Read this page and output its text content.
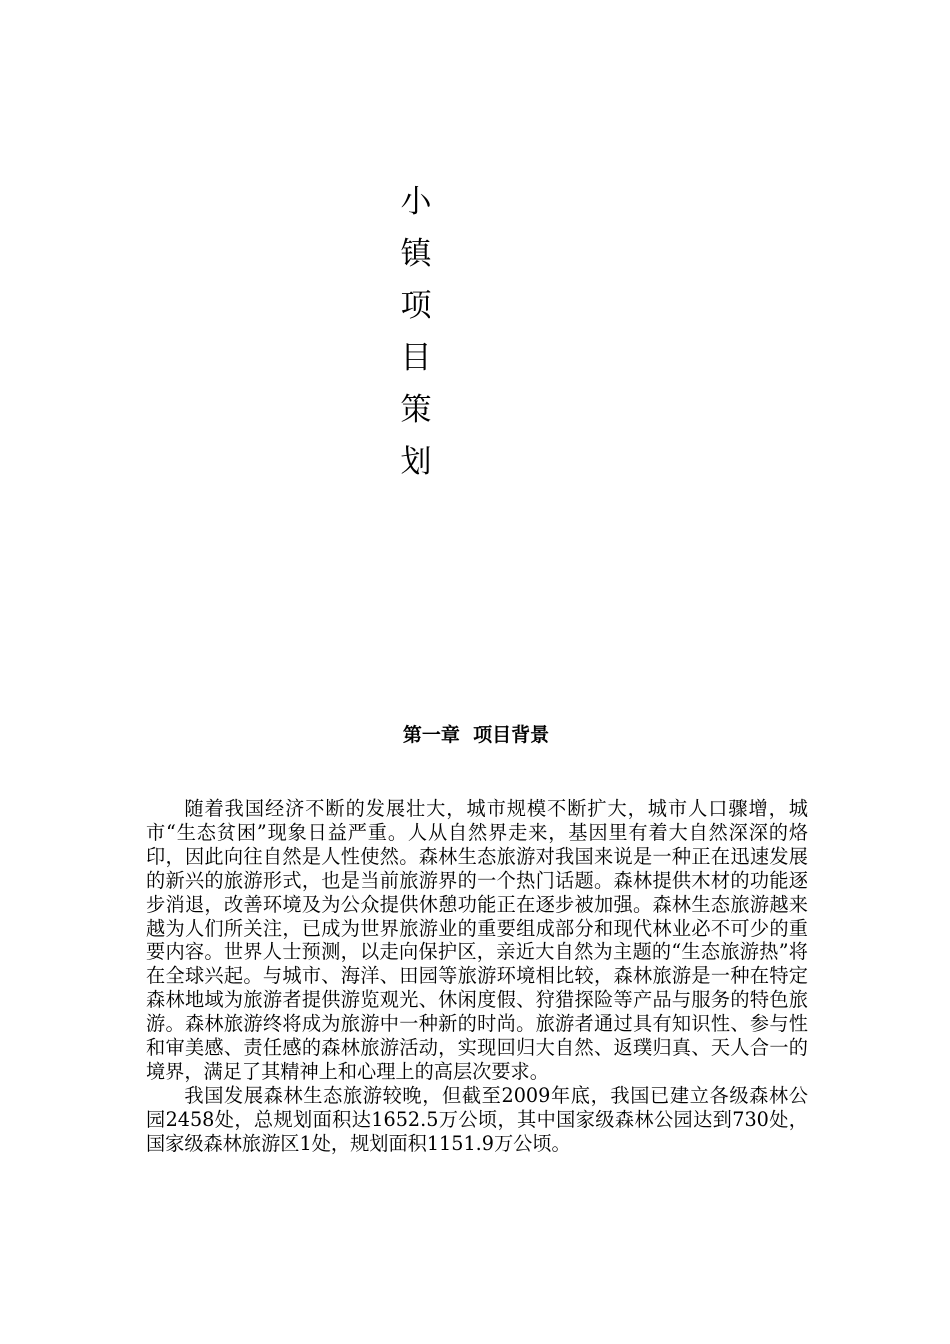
小
镇
项
目
策
划
第一章  项目背景

随着我国经济不断的发展壮大，城市规模不断扩大，城市人口骤增，城市“生态贫困”现象日益严重。人从自然界走来，基因里有着大自然深深的烙印，因此向往自然是人性使然。森林生态旅游对我国来说是一种正在迅速发展的新兴的旅游形式，也是当前旅游界的一个热门话题。森林提供木材的功能逐步消退，改善环境及为公众提供休憩功能正在逐步被加强。森林生态旅游越来越为人们所关注，已成为世界旅游业的重要组成部分和现代林业必不可少的重要内容。世界人士预测，以走向保护区，亲近大自然为主题的“生态旅游热”将在全球兴起。与城市、海洋、田园等旅游环境相比较，森林旅游是一种在特定森林地域为旅游者提供游览观光、休闲度假、狩猎探险等产品与服务的特色旅游。森林旅游终将成为旅游中一种新的时尚。旅游者通过具有知识性、参与性和审美感、责任感的森林旅游活动，实现回归大自然、返璞归真、天人合一的境界，满足了其精神上和心理上的高层次要求。

我国发展森林生态旅游较晚，但截至2009年底，我国已建立各级森林公园2458处，总规划面积达1652.5万公顷，其中国家级森林公园达到730处，国家级森林旅游区1处，规划面积1151.9万公顷。
